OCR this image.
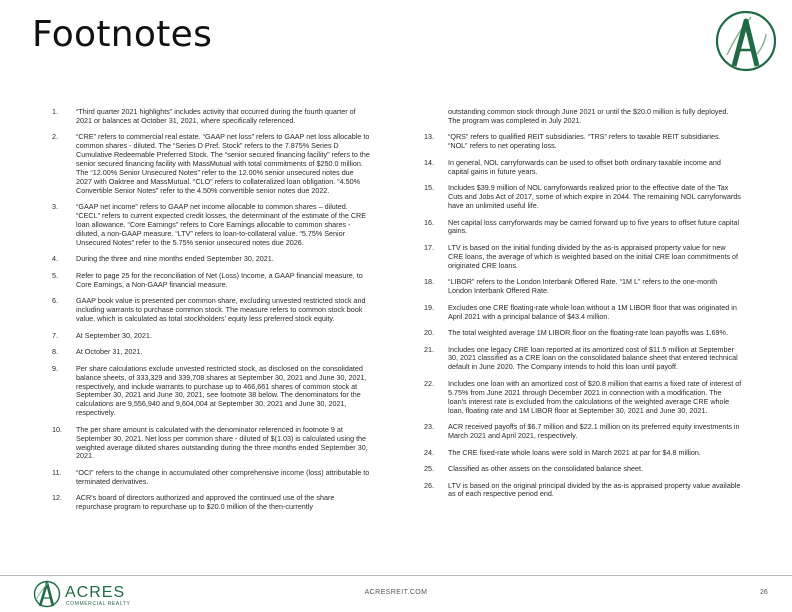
Footnotes
1.	“Third quarter 2021 highlights” includes activity that occurred during the fourth quarter of 2021 or balances at October 31, 2021, where specifically referenced.
2.	“CRE” refers to commercial real estate. “GAAP net loss” refers to GAAP net loss allocable to common shares - diluted. The “Series D Pref. Stock” refers to the 7.875% Series D Cumulative Redeemable Preferred Stock. The “senior secured financing facility” refers to the senior secured financing facility with MassMutual with total commitments of $250.0 million. The “12.00% Senior Unsecured Notes” refer to the 12.00% senior unsecured notes due 2027 with Oaktree and MassMutual. “CLO” refers to collateralized loan obligation. “4.50% Convertible Senior Notes” refer to the 4.50% convertible senior notes due 2022.
3.	“GAAP net income” refers to GAAP net income allocable to common shares – diluted. “CECL” refers to current expected credit losses, the determinant of the estimate of the CRE loan allowance. “Core Earnings” refers to Core Earnings allocable to common shares - diluted, a non-GAAP measure. “LTV” refers to loan-to-collateral value. “5.75% Senior Unsecured Notes” refer to the 5.75% senior unsecured notes due 2026.
4.	During the three and nine months ended September 30, 2021.
5.	Refer to page 25 for the reconciliation of Net (Loss) Income, a GAAP financial measure, to Core Earnings, a Non-GAAP financial measure.
6.	GAAP book value is presented per common share, excluding unvested restricted stock and including warrants to purchase common stock. The measure refers to common stock book value, which is calculated as total stockholders’ equity less preferred stock equity.
7.	At September 30, 2021.
8.	At October 31, 2021.
9.	Per share calculations exclude unvested restricted stock, as disclosed on the consolidated balance sheets, of 333,329 and 339,708 shares at September 30, 2021 and June 30, 2021, respectively, and include warrants to purchase up to 466,661 shares of common stock at September 30, 2021 and June 30, 2021, see footnote 38 below. The denominators for the calculations are 9,556,940 and 9,604,004 at September 30, 2021 and June 30, 2021, respectively.
10.	The per share amount is calculated with the denominator referenced in footnote 9 at September 30, 2021. Net loss per common share - diluted of $(1.03) is calculated using the weighted average diluted shares outstanding during the three months ended September 30, 2021.
11.	“OCI” refers to the change in accumulated other comprehensive income (loss) attributable to terminated derivatives.
12.	ACR’s board of directors authorized and approved the continued use of the share repurchase program to repurchase up to $20.0 million of the then-currently
outstanding common stock through June 2021 or until the $20.0 million is fully deployed. The program was completed in July 2021.
13.	“QRS” refers to qualified REIT subsidiaries. “TRS” refers to taxable REIT subsidiaries. “NOL” refers to net operating loss.
14.	In general, NOL carryforwards can be used to offset both ordinary taxable income and capital gains in future years.
15.	Includes $39.9 million of NOL carryforwards realized prior to the effective date of the Tax Cuts and Jobs Act of 2017, some of which expire in 2044. The remaining NOL carryforwards have an unlimited useful life.
16.	Net capital loss carryforwards may be carried forward up to five years to offset future capital gains.
17.	LTV is based on the initial funding divided by the as-is appraised property value for new CRE loans, the average of which is weighted based on the initial CRE loan commitments of originated CRE loans.
18.	“LIBOR” refers to the London Interbank Offered Rate. “1M L” refers to the one-month London Interbank Offered Rate.
19.	Excludes one CRE floating-rate whole loan without a 1M LIBOR floor that was originated in April 2021 with a principal balance of $43.4 million.
20.	The total weighted average 1M LIBOR floor on the floating-rate loan payoffs was 1.69%.
21.	Includes one legacy CRE loan reported at its amortized cost of $11.5 million at September 30, 2021 classified as a CRE loan on the consolidated balance sheet that entered technical default in June 2020. The Company intends to hold this loan until payoff.
22.	Includes one loan with an amortized cost of $20.8 million that earns a fixed rate of interest of 5.75% from June 2021 through December 2021 in connection with a modification. The loan’s interest rate is excluded from the calculations of the weighted average CRE whole loan, floating rate and 1M LIBOR floor at September 30, 2021 and June 30, 2021.
23.	ACR received payoffs of $6.7 million and $22.1 million on its preferred equity investments in March 2021 and April 2021, respectively.
24.	The CRE fixed-rate whole loans were sold in March 2021 at par for $4.8 million.
25.	Classified as other assets on the consolidated balance sheet.
26.	LTV is based on the original principal divided by the as-is appraised property value available as of each respective period end.
ACRES
COMMERCIAL REALTY
ACRESREIT.COM	26
